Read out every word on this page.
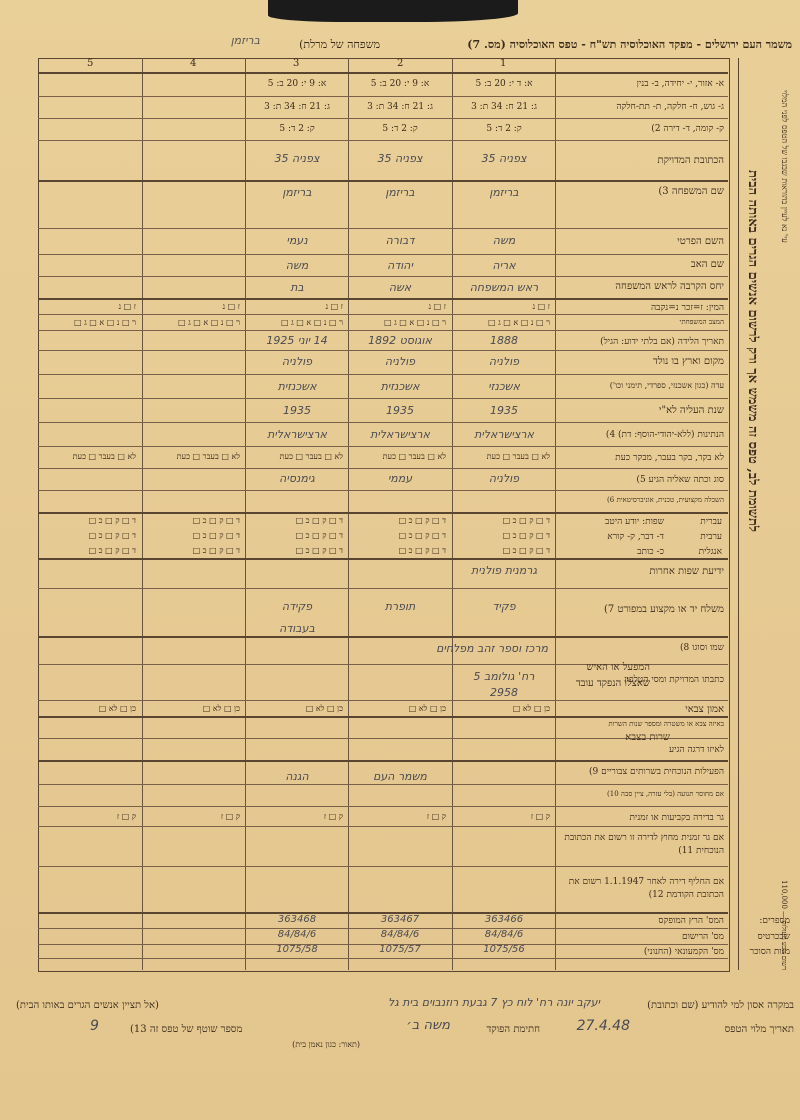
משמר העם ירושלים - מפקד האוכלוסיה תש"ח - טפס האוכלוסיה (מס. 7)
משפחה של מרלת)
בריזמן
1
2
3
4
5
א- אזור, י- יחידה, ב- בנין
ג- גוש, ח- חלקה, ת- תת-חלקה
ק- קומה, ד- דירה 2)
הכתובת המדויקת
שם המשפחה 3)
השם הפרטי
שם האב
יחס הקרבה לראש המשפחה
המין: ז=זכר נ=נקבה
המצב המשפחתי
תאריך הלידה (אם בלתי ידוע: הגיל)
מקום וארץ בו נולד
עדה (כגון אשכנזי, ספרדי, תימני וכו')
שנת העליה לא"י
הנתינות (ללא-יהודי-הוסף: דת) 4)
לא בקר, בקר בעבר, מבקר כעת
סוג וכתה שאליה הגיע 5)
השכלה מקצועית, טכנית, אוניברסיטאית 6)
שפות: יודע היטב
ד- דבר, ק- קורא
כ- כותב
עברית
ערבית
אנגלית
ידיעת שפות אחרות
משלח יד או מקצוע במפורט 7)
שמו וסוגו 8)
המפעל או האיש
כתבתו המדויקת ומסי הטלפון
שאצלו הנפקד עובד
אמון צבאי
באיזה צבא או משטרה ומספר שנות השרות
לאיזו דרגה הגיע
שרות בצבא
הפעילות הנוכחית בשרותים צבוריים 9)
אם מחוסר תנועה (בלי עזרה, ציין סבה 10)
גר בדירה בקביעות או זמנית
אם גר זמנית מחוץ לדירה זו רשום את הכתובת הנוכחית 11)
אם החליף דירה לאחר 1.1.1947 רשום את הכתובת הקודמת 12)
המס' הרץ המופקס
מס' הרישום
מס' הקמעונאי (החנוני)
מספרים:
שבכרטיס
מנות הסוכר
לתשומת לב, טפס זה משמש אך ורק לרשום אנשים הגרים באותה הבית
עי' נא לעיין בהוראות שבגבו של הטפס לפני המלוי
רשום טבע מעולות — 110,000
א: ד י: 20 ב: 5
ג: 21 ח: 34 ת: 3
ק: 2 ד: 5
צפניה 35
בריזמן
משה
אריה
ראש המשפחה
1888
פולניה
אשכנזי
1935
ארצישראלית
פולניה
גרמנית פולנית
פקיד
מרכז וספר זהב מפלחים
רח' גולומב 5
2958
363466
84/84/6
1075/56
א: 9 י: 20 ב: 5
ג: 21 ח: 34 ת: 3
ק: 2 ד: 5
צפניה 35
בריזמן
דבורה
יהודה
אשה
אוגוסט 1892
פולניה
אשכנזית
1935
ארצישראלית
עממי
תופרת
363467
84/84/6
1075/57
א: 9 י: 20 ב: 5
ג: 21 ח: 34 ת: 3
ק: 2 ד: 5
צפניה 35
בריזמן
נעמי
משה
בת
14 יוני 1925
פולניה
אשכנזית
1935
ארצישראלית
גימנסיה
פקידה
363468
84/84/6
1075/58
משמר העם
הגנה
בעבודה
ז □ נ
ר □ נ □ א □ ג □
לא □ בעבר □ כעת
ד □ ק □ כ □
ד □ ק □ כ □
ד □ ק □ כ □
כן □ לא □
ק □ ז
ז □ נ
ר □ נ □ א □ ג □
לא □ בעבר □ כעת
ד □ ק □ כ □
ד □ ק □ כ □
ד □ ק □ כ □
כן □ לא □
ק □ ז
ז □ נ
ר □ נ □ א □ ג □
לא □ בעבר □ כעת
ד □ ק □ כ □
ד □ ק □ כ □
ד □ ק □ כ □
כן □ לא □
ק □ ז
ז □ נ
ר □ נ □ א □ ג □
לא □ בעבר □ כעת
ד □ ק □ כ □
ד □ ק □ כ □
ד □ ק □ כ □
כן □ לא □
ק □ ז
ז □ נ
ר □ נ □ א □ ג □
לא □ בעבר □ כעת
ד □ ק □ כ □
ד □ ק □ כ □
ד □ ק □ כ □
כן □ לא □
ק □ ז
במקרה אסון למי להודיע (שם וכתובת)
יעקב יונה רח' לוח כץ 7 גבעת רוזנבוים בית גל
(אל תציין אנשים הגרים באותו הבית)
תאריך מלוי הטפס
27.4.48
חתימת הפוקד
משה ב׳
מספר שוטף של טפס זה 13)
9
(תאור: כגון נאמן בית)
